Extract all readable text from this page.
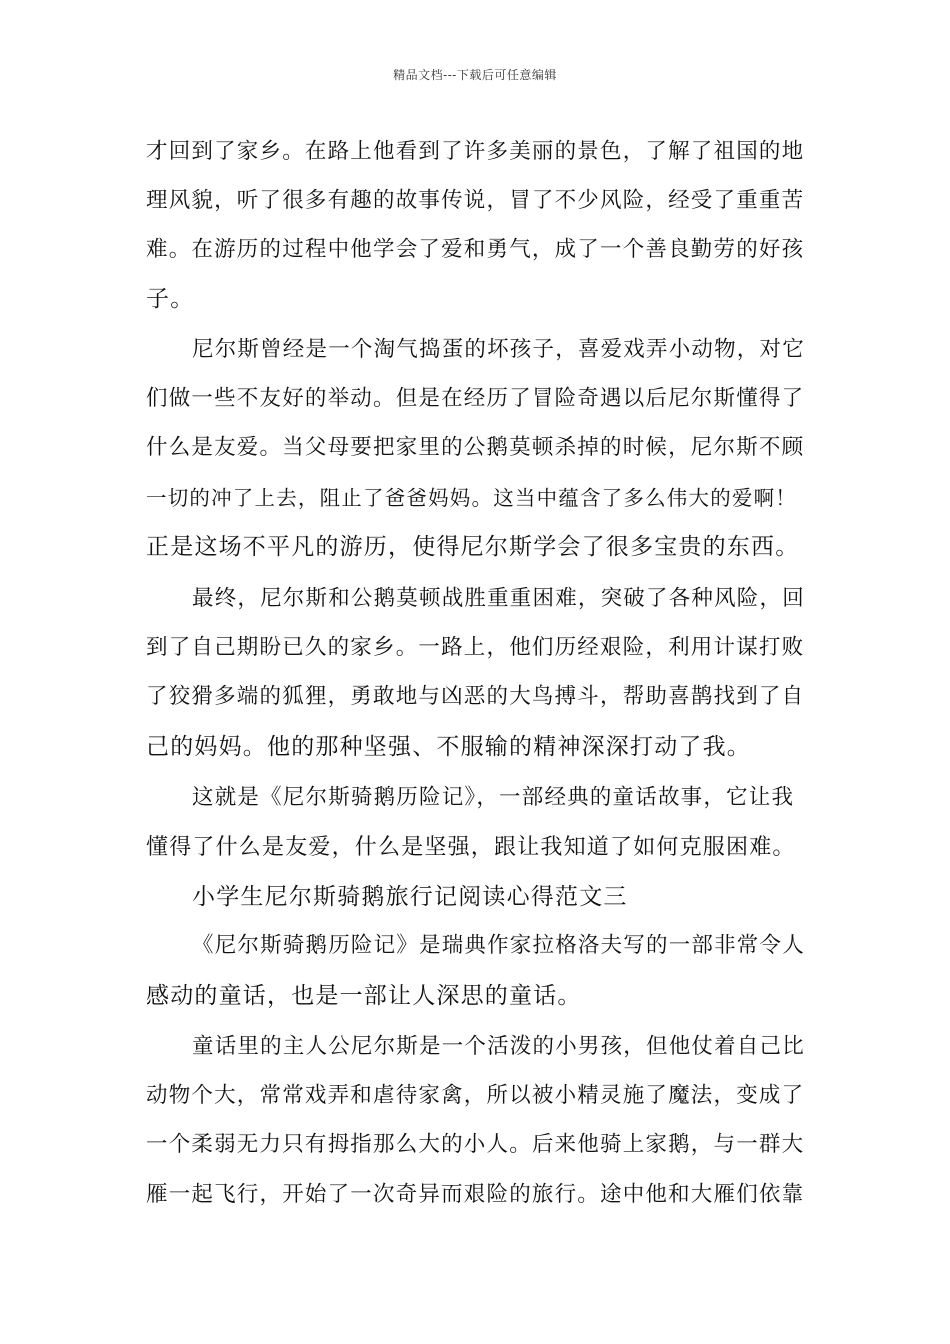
精品文档---下载后可任意编辑
才回到了家乡。在路上他看到了许多美丽的景色，了解了祖国的地
理风貌，听了很多有趣的故事传说，冒了不少风险，经受了重重苦
难。在游历的过程中他学会了爱和勇气，成了一个善良勤劳的好孩
子。
尼尔斯曾经是一个淘气捣蛋的坏孩子，喜爱戏弄小动物，对它
们做一些不友好的举动。但是在经历了冒险奇遇以后尼尔斯懂得了
什么是友爱。当父母要把家里的公鹅莫顿杀掉的时候，尼尔斯不顾
一切的冲了上去，阻止了爸爸妈妈。这当中蕴含了多么伟大的爱啊！
正是这场不平凡的游历，使得尼尔斯学会了很多宝贵的东西。
最终，尼尔斯和公鹅莫顿战胜重重困难，突破了各种风险，回
到了自己期盼已久的家乡。一路上，他们历经艰险，利用计谋打败
了狡猾多端的狐狸，勇敢地与凶恶的大鸟搏斗，帮助喜鹊找到了自
己的妈妈。他的那种坚强、不服输的精神深深打动了我。
这就是《尼尔斯骑鹅历险记》，一部经典的童话故事，它让我
懂得了什么是友爱，什么是坚强，跟让我知道了如何克服困难。
小学生尼尔斯骑鹅旅行记阅读心得范文三
《尼尔斯骑鹅历险记》是瑞典作家拉格洛夫写的一部非常令人
感动的童话，也是一部让人深思的童话。
童话里的主人公尼尔斯是一个活泼的小男孩，但他仗着自己比
动物个大，常常戏弄和虐待家禽，所以被小精灵施了魔法，变成了
一个柔弱无力只有拇指那么大的小人。后来他骑上家鹅，与一群大
雁一起飞行，开始了一次奇异而艰险的旅行。途中他和大雁们依靠
